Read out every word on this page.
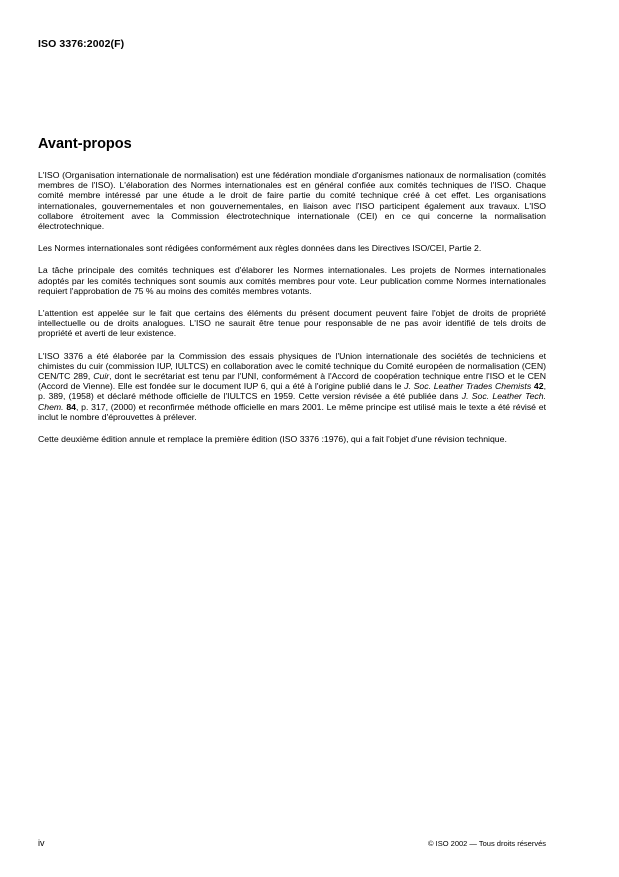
ISO 3376:2002(F)
Avant-propos

L'ISO (Organisation internationale de normalisation) est une fédération mondiale d'organismes nationaux de normalisation (comités membres de l'ISO). L'élaboration des Normes internationales est en général confiée aux comités techniques de l'ISO. Chaque comité membre intéressé par une étude a le droit de faire partie du comité technique créé à cet effet. Les organisations internationales, gouvernementales et non gouvernementales, en liaison avec l'ISO participent également aux travaux. L'ISO collabore étroitement avec la Commission électrotechnique internationale (CEI) en ce qui concerne la normalisation électrotechnique.

Les Normes internationales sont rédigées conformément aux règles données dans les Directives ISO/CEI, Partie 2.

La tâche principale des comités techniques est d'élaborer les Normes internationales. Les projets de Normes internationales adoptés par les comités techniques sont soumis aux comités membres pour vote. Leur publication comme Normes internationales requiert l'approbation de 75 % au moins des comités membres votants.

L'attention est appelée sur le fait que certains des éléments du présent document peuvent faire l'objet de droits de propriété intellectuelle ou de droits analogues. L'ISO ne saurait être tenue pour responsable de ne pas avoir identifié de tels droits de propriété et averti de leur existence.

L'ISO 3376 a été élaborée par la Commission des essais physiques de l'Union internationale des sociétés de techniciens et chimistes du cuir (commission IUP, IULTCS) en collaboration avec le comité technique du Comité européen de normalisation (CEN) CEN/TC 289, Cuir, dont le secrétariat est tenu par l'UNI, conformément à l'Accord de coopération technique entre l'ISO et le CEN (Accord de Vienne). Elle est fondée sur le document IUP 6, qui a été à l'origine publié dans le J. Soc. Leather Trades Chemists 42, p. 389, (1958) et déclaré méthode officielle de l'IULTCS en 1959. Cette version révisée a été publiée dans J. Soc. Leather Tech. Chem. 84, p. 317, (2000) et reconfirmée méthode officielle en mars 2001. Le même principe est utilisé mais le texte a été révisé et inclut le nombre d'éprouvettes à prélever.

Cette deuxième édition annule et remplace la première édition (ISO 3376 :1976), qui a fait l'objet d'une révision technique.

iv	© ISO 2002 — Tous droits réservés
